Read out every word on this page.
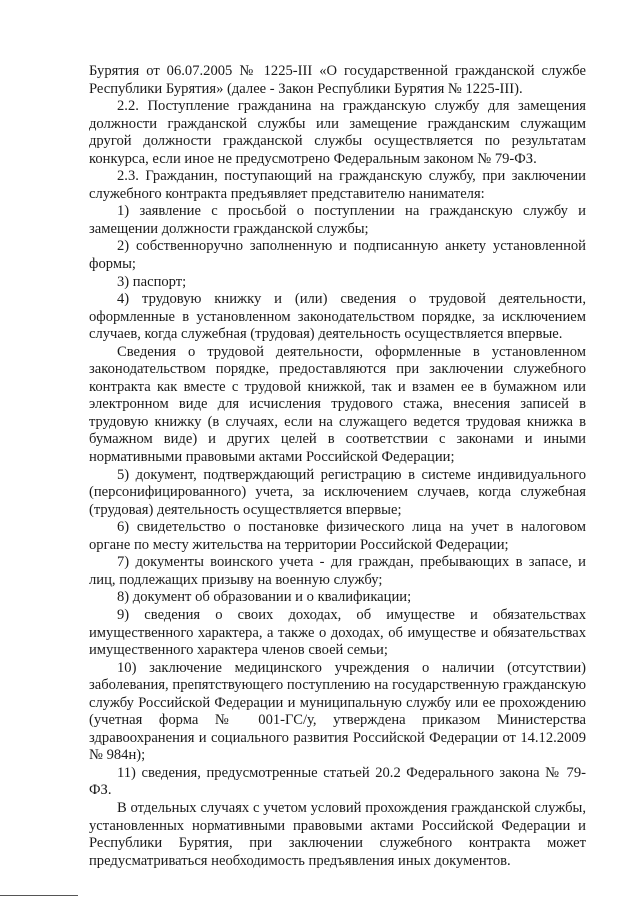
Бурятия от 06.07.2005 № 1225-III «О государственной гражданской службе Республики Бурятия» (далее - Закон Республики Бурятия № 1225-III).

2.2. Поступление гражданина на гражданскую службу для замещения должности гражданской службы или замещение гражданским служащим другой должности гражданской службы осуществляется по результатам конкурса, если иное не предусмотрено Федеральным законом № 79-ФЗ.

2.3. Гражданин, поступающий на гражданскую службу, при заключении служебного контракта предъявляет представителю нанимателя:

1) заявление с просьбой о поступлении на гражданскую службу и замещении должности гражданской службы;

2) собственноручно заполненную и подписанную анкету установленной формы;

3) паспорт;

4) трудовую книжку и (или) сведения о трудовой деятельности, оформленные в установленном законодательством порядке, за исключением случаев, когда служебная (трудовая) деятельность осуществляется впервые.

Сведения о трудовой деятельности, оформленные в установленном законодательством порядке, предоставляются при заключении служебного контракта как вместе с трудовой книжкой, так и взамен ее в бумажном или электронном виде для исчисления трудового стажа, внесения записей в трудовую книжку (в случаях, если на служащего ведется трудовая книжка в бумажном виде) и других целей в соответствии с законами и иными нормативными правовыми актами Российской Федерации;

5) документ, подтверждающий регистрацию в системе индивидуального (персонифицированного) учета, за исключением случаев, когда служебная (трудовая) деятельность осуществляется впервые;

6) свидетельство о постановке физического лица на учет в налоговом органе по месту жительства на территории Российской Федерации;

7) документы воинского учета - для граждан, пребывающих в запасе, и лиц, подлежащих призыву на военную службу;

8) документ об образовании и о квалификации;

9) сведения о своих доходах, об имуществе и обязательствах имущественного характера, а также о доходах, об имуществе и обязательствах имущественного характера членов своей семьи;

10) заключение медицинского учреждения о наличии (отсутствии) заболевания, препятствующего поступлению на государственную гражданскую службу Российской Федерации и муниципальную службу или ее прохождению (учетная форма № 001-ГС/у, утверждена приказом Министерства здравоохранения и социального развития Российской Федерации от 14.12.2009 № 984н);

11) сведения, предусмотренные статьей 20.2 Федерального закона № 79-ФЗ.

В отдельных случаях с учетом условий прохождения гражданской службы, установленных нормативными правовыми актами Российской Федерации и Республики Бурятия, при заключении служебного контракта может предусматриваться необходимость предъявления иных документов.
